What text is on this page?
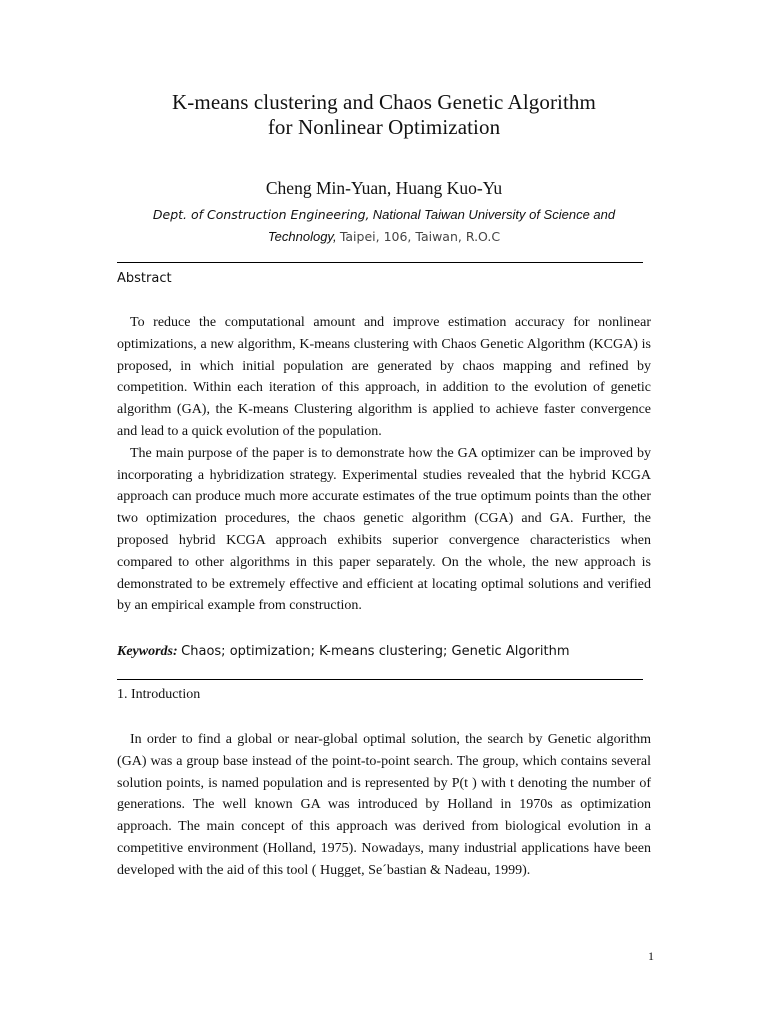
K-means clustering and Chaos Genetic Algorithm
for Nonlinear Optimization
Cheng Min-Yuan, Huang Kuo-Yu
Dept. of Construction Engineering, National Taiwan University of Science and
Technology, Taipei, 106, Taiwan, R.O.C
Abstract

To reduce the computational amount and improve estimation accuracy for nonlinear optimizations, a new algorithm, K-means clustering with Chaos Genetic Algorithm (KCGA) is proposed, in which initial population are generated by chaos mapping and refined by competition. Within each iteration of this approach, in addition to the evolution of genetic algorithm (GA), the K-means Clustering algorithm is applied to achieve faster convergence and lead to a quick evolution of the population.

The main purpose of the paper is to demonstrate how the GA optimizer can be improved by incorporating a hybridization strategy. Experimental studies revealed that the hybrid KCGA approach can produce much more accurate estimates of the true optimum points than the other two optimization procedures, the chaos genetic algorithm (CGA) and GA. Further, the proposed hybrid KCGA approach exhibits superior convergence characteristics when compared to other algorithms in this paper separately. On the whole, the new approach is demonstrated to be extremely effective and efficient at locating optimal solutions and verified by an empirical example from construction.

Keywords: Chaos; optimization; K-means clustering; Genetic Algorithm
1. Introduction

In order to find a global or near-global optimal solution, the search by Genetic algorithm (GA) was a group base instead of the point-to-point search. The group, which contains several solution points, is named population and is represented by P(t ) with t denoting the number of generations. The well known GA was introduced by Holland in 1970s as optimization approach. The main concept of this approach was derived from biological evolution in a competitive environment (Holland, 1975). Nowadays, many industrial applications have been developed with the aid of this tool ( Hugget, Se´bastian & Nadeau, 1999).

1
